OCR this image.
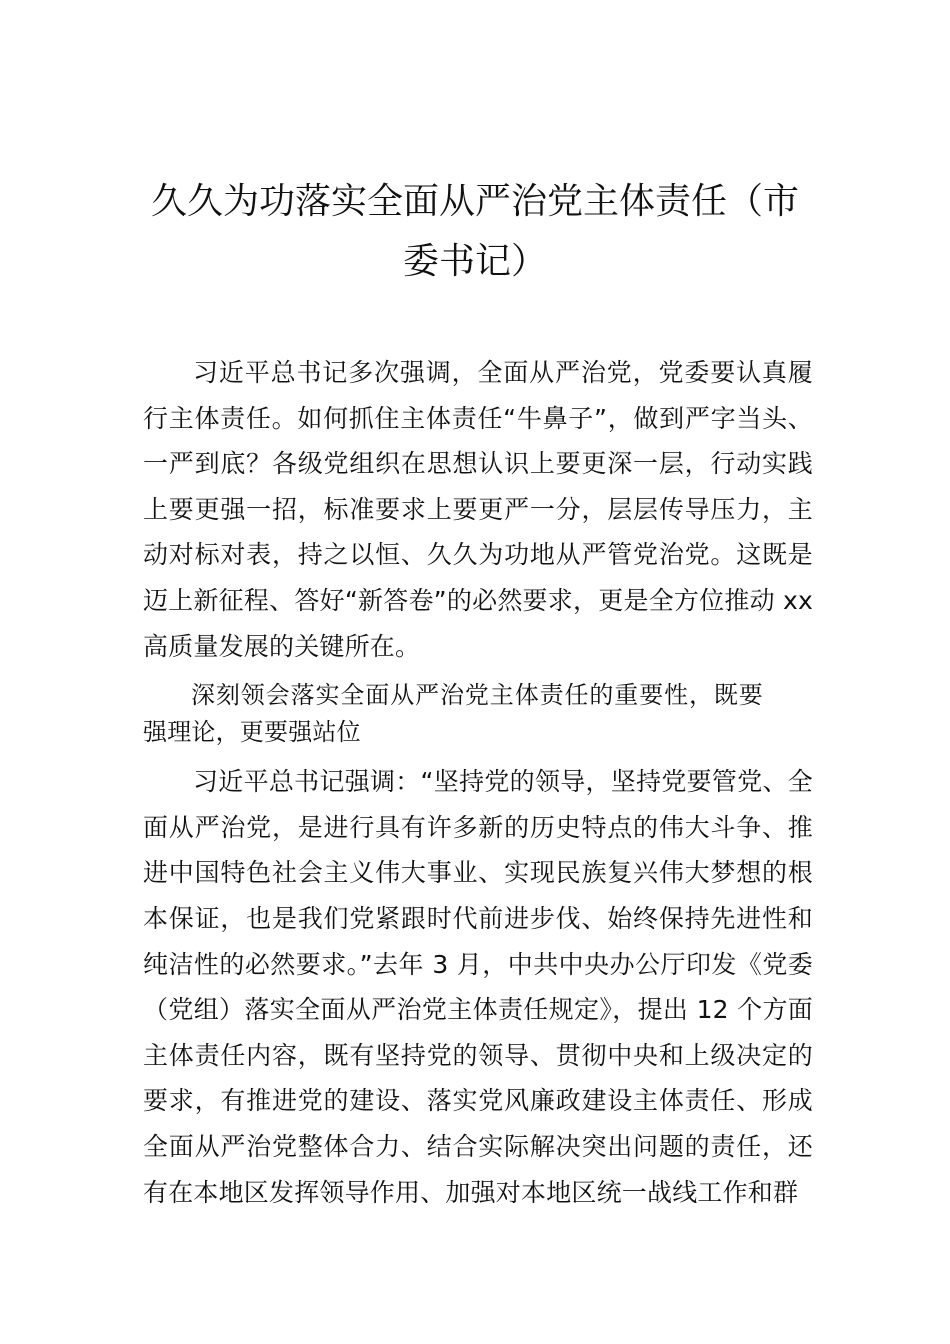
久久为功落实全面从严治党主体责任（市
委书记）

习近平总书记多次强调，全面从严治党，党委要认真履行主体责任。如何抓住主体责任“牛鼻子”，做到严字当头、一严到底？各级党组织在思想认识上要更深一层，行动实践上要更强一招，标准要求上要更严一分，层层传导压力，主动对标对表，持之以恒、久久为功地从严管党治党。这既是迈上新征程、答好“新答卷”的必然要求，更是全方位推动 xx 高质量发展的关键所在。

深刻领会落实全面从严治党主体责任的重要性，既要强理论，更要强站位

习近平总书记强调：“坚持党的领导，坚持党要管党、全面从严治党，是进行具有许多新的历史特点的伟大斗争、推进中国特色社会主义伟大事业、实现民族复兴伟大梦想的根本保证，也是我们党紧跟时代前进步伐、始终保持先进性和纯洁性的必然要求。”去年 3 月，中共中央办公厅印发《党委（党组）落实全面从严治党主体责任规定》，提出 12 个方面主体责任内容，既有坚持党的领导、贯彻中央和上级决定的要求，有推进党的建设、落实党风廉政建设主体责任、形成全面从严治党整体合力、结合实际解决突出问题的责任，还有在本地区发挥领导作用、加强对本地区统一战线工作和群
